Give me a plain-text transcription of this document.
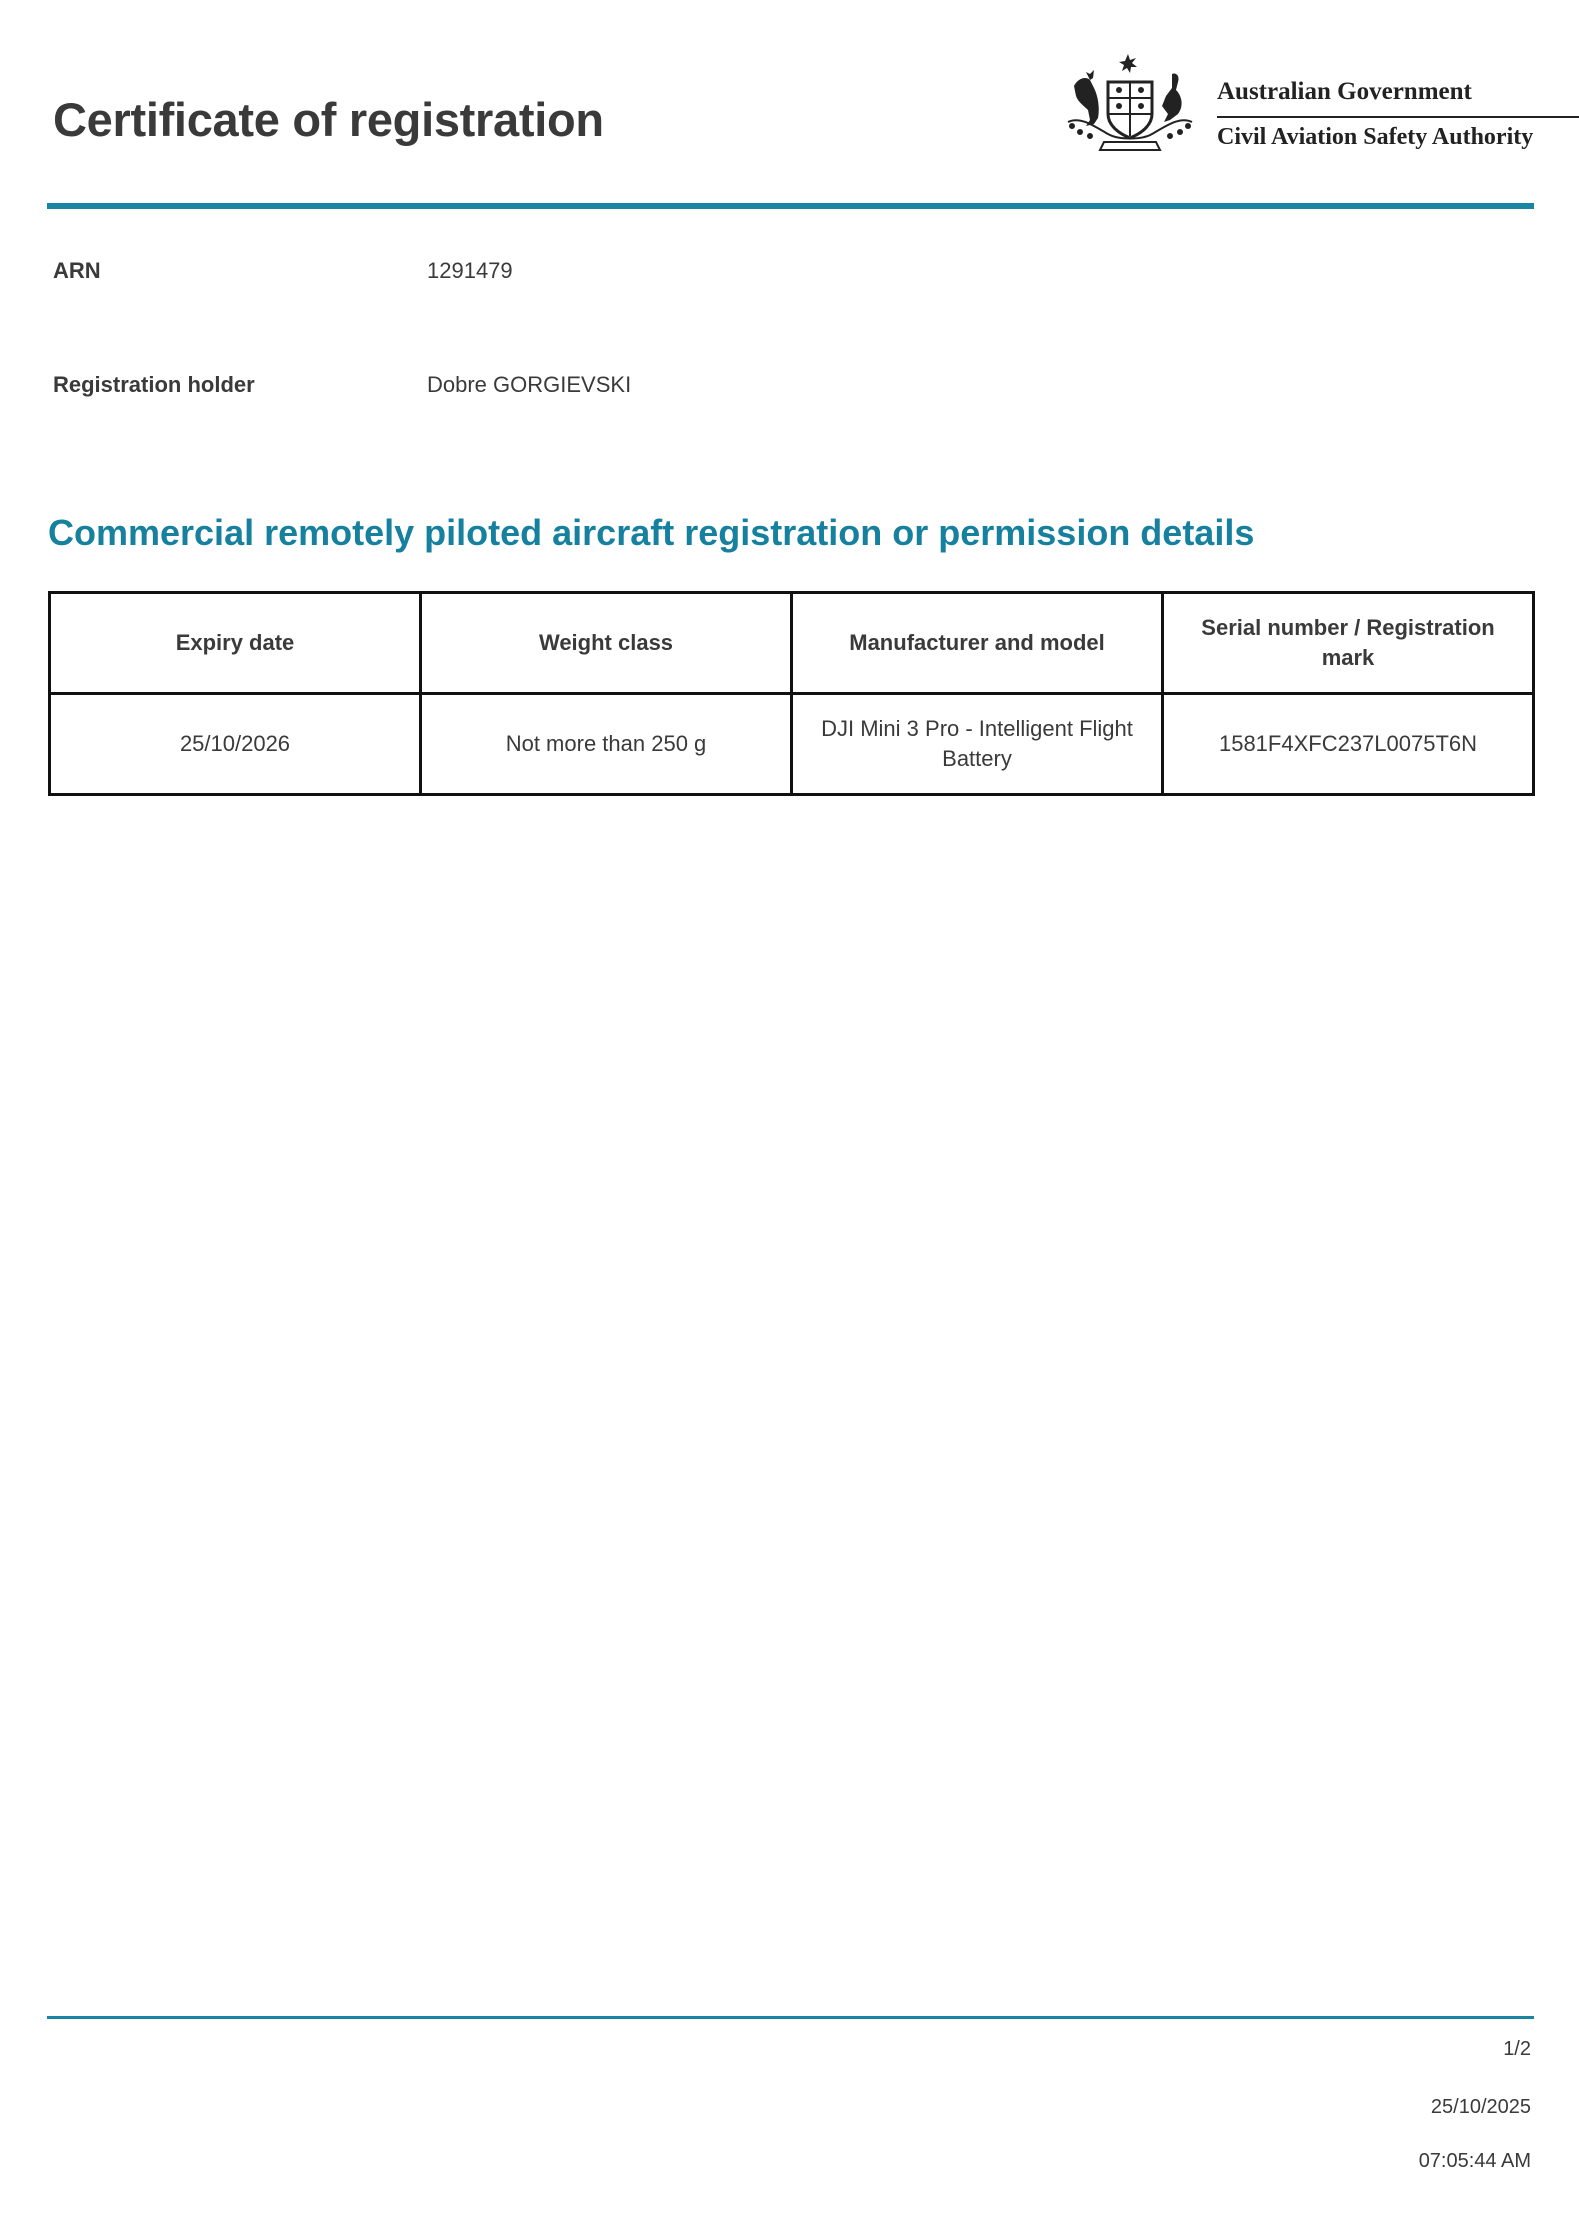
Certificate of registration
Australian Government
Civil Aviation Safety Authority
ARN	1291479
Registration holder	Dobre GORGIEVSKI
Commercial remotely piloted aircraft registration or permission details
Expiry date	Weight class	Manufacturer and model	Serial number / Registration mark
25/10/2026	Not more than 250 g	DJI Mini 3 Pro - Intelligent Flight Battery	1581F4XFC237L0075T6N
1/2
25/10/2025
07:05:44 AM
